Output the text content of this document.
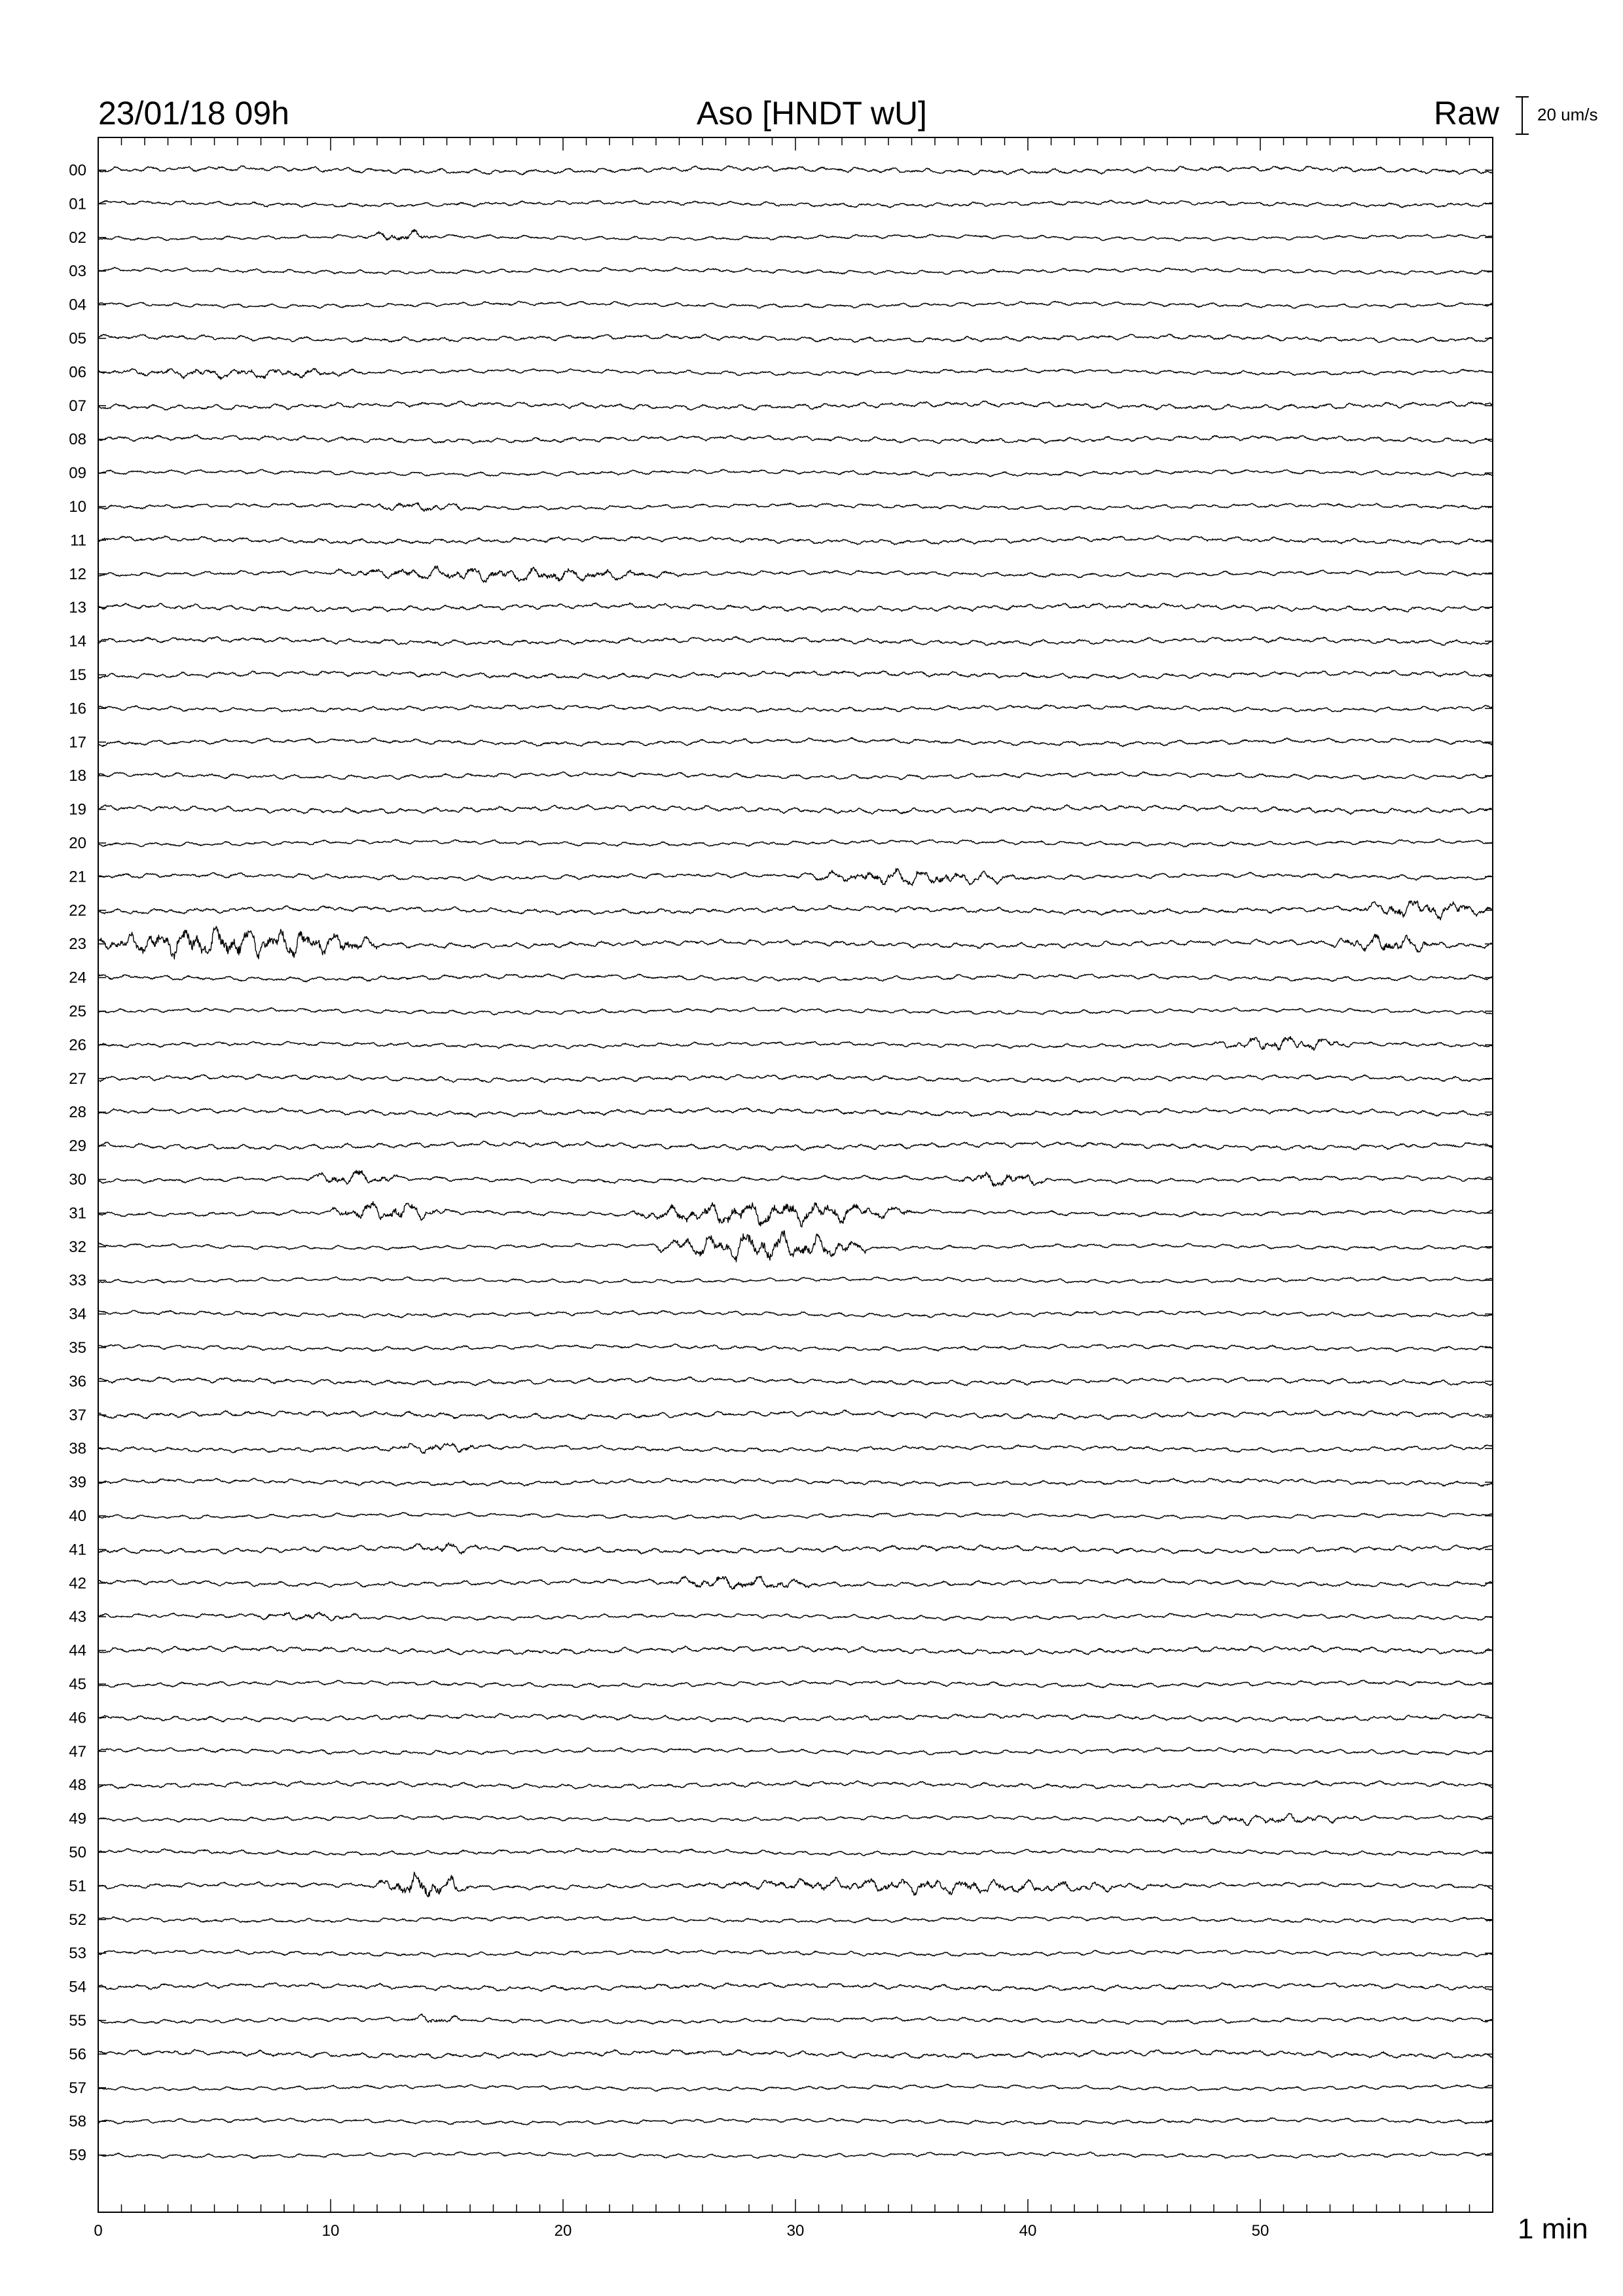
23/01/18 09h	Aso [HNDT wU]	Raw 20 um/s
00
01
02
03
04
05
06
07
08
09
10
11
12
13
14
15
16
17
18
19
20
21
22
23
24
25
26
27
28
29
30
31
32
33
34
35
36
37
38
39
40
41
42
43
44
45
46
47
48
49
50
51
52
53
54
55
56
57
58
59
0	10	20	30	40	50	1 min
